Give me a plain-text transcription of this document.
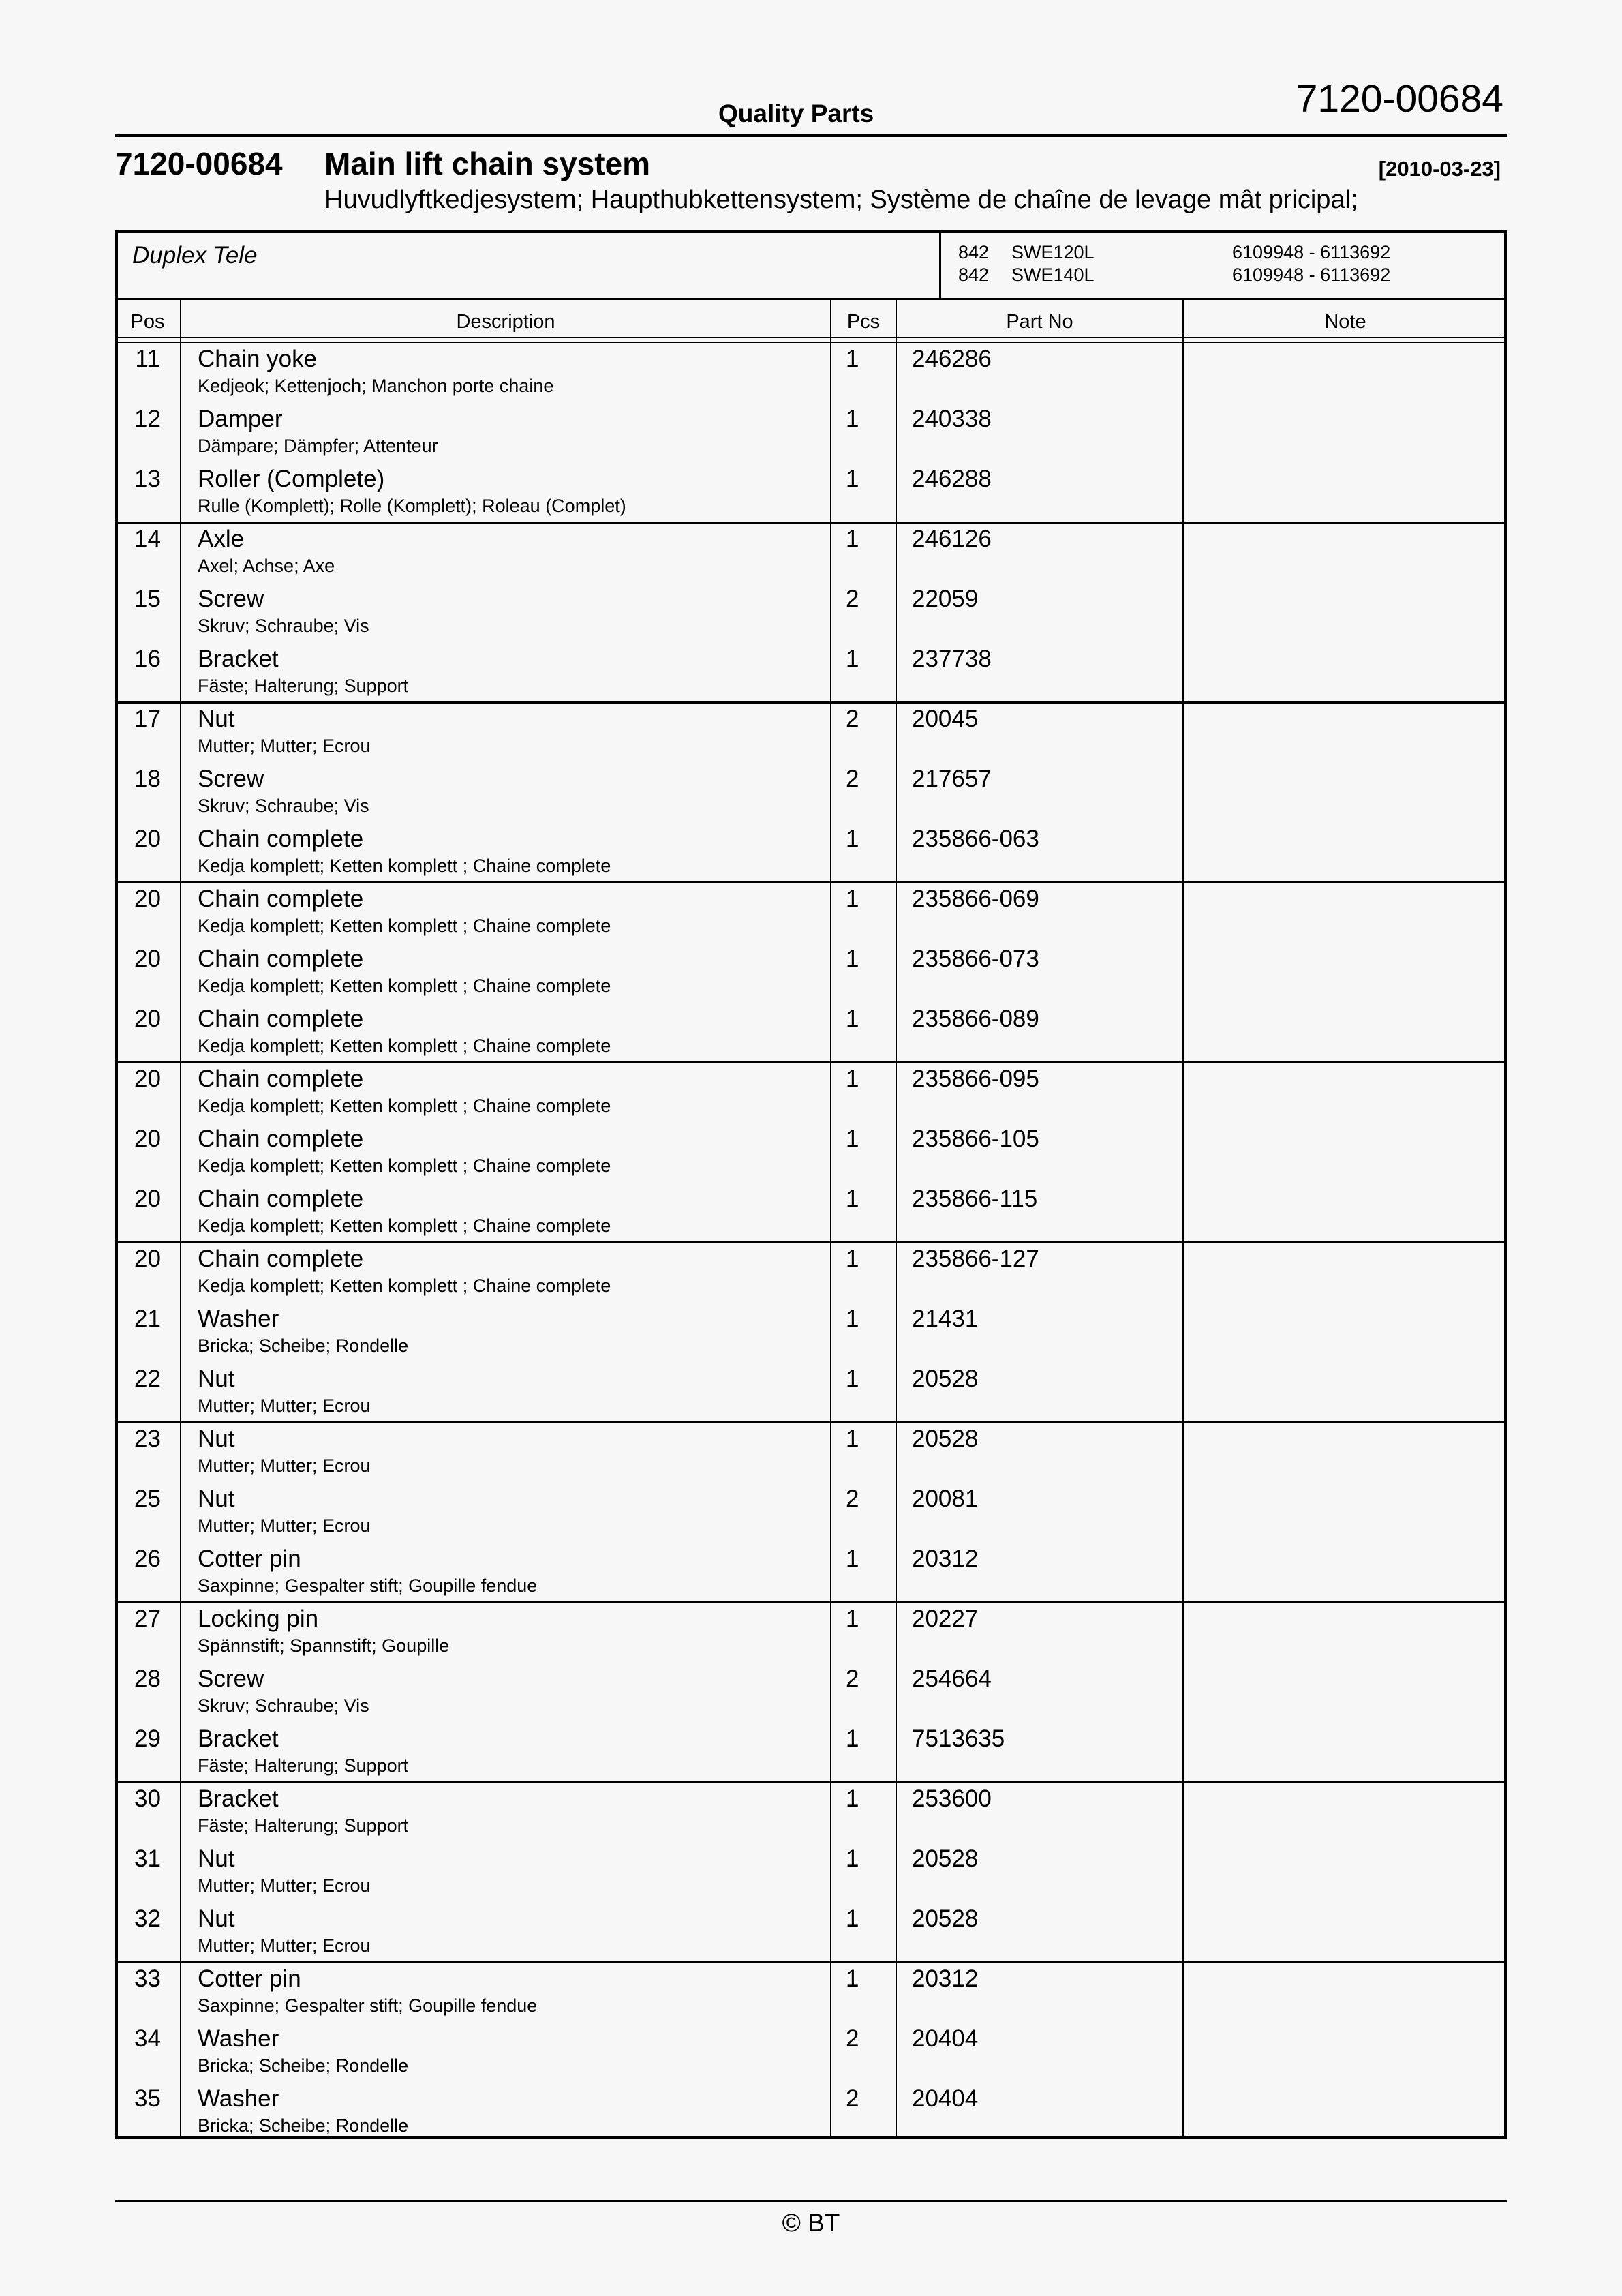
Quality Parts	7120-00684
7120-00684 Main lift chain system	[2010-03-23]
Huvudlyftkedjesystem; Haupthubkettensystem; Système de chaîne de levage mât pricipal;
Duplex Tele	842 SWE120L	6109948 - 6113692
842 SWE140L	6109948 - 6113692
Pos	Description	Pcs	Part No	Note
11	Chain yoke
Kedjeok; Kettenjoch; Manchon porte chaine
1 246286
12	Damper
Dämpare; Dämpfer; Attenteur
1 240338
13	Roller (Complete)
Rulle (Komplett); Rolle (Komplett); Roleau (Complet)
1 246288
14	Axle
Axel; Achse; Axe
1 246126
15	Screw
Skruv; Schraube; Vis
2 22059
16	Bracket
Fäste; Halterung; Support
1 237738
17	Nut
Mutter; Mutter; Ecrou
2 20045
18	Screw
Skruv; Schraube; Vis
2 217657
20	Chain complete
Kedja komplett; Ketten komplett ; Chaine complete
1 235866-063
20	Chain complete
Kedja komplett; Ketten komplett ; Chaine complete
1 235866-069
20	Chain complete
Kedja komplett; Ketten komplett ; Chaine complete
1 235866-073
20	Chain complete
Kedja komplett; Ketten komplett ; Chaine complete
1 235866-089
20	Chain complete
Kedja komplett; Ketten komplett ; Chaine complete
1 235866-095
20	Chain complete
Kedja komplett; Ketten komplett ; Chaine complete
1 235866-105
20	Chain complete
Kedja komplett; Ketten komplett ; Chaine complete
1 235866-115
20	Chain complete
Kedja komplett; Ketten komplett ; Chaine complete
1 235866-127
21	Washer
Bricka; Scheibe; Rondelle
1 21431
22	Nut
Mutter; Mutter; Ecrou
1 20528
23	Nut
Mutter; Mutter; Ecrou
1 20528
25	Nut
Mutter; Mutter; Ecrou
2 20081
26	Cotter pin
Saxpinne; Gespalter stift; Goupille fendue
1 20312
27	Locking pin
Spännstift; Spannstift; Goupille
1 20227
28	Screw
Skruv; Schraube; Vis
2 254664
29	Bracket
Fäste; Halterung; Support
1 7513635
30	Bracket
Fäste; Halterung; Support
1 253600
31	Nut
Mutter; Mutter; Ecrou
1 20528
32	Nut
Mutter; Mutter; Ecrou
1 20528
33	Cotter pin
Saxpinne; Gespalter stift; Goupille fendue
1 20312
34	Washer
Bricka; Scheibe; Rondelle
2 20404
35	Washer
Bricka; Scheibe; Rondelle
2 20404
© BT
